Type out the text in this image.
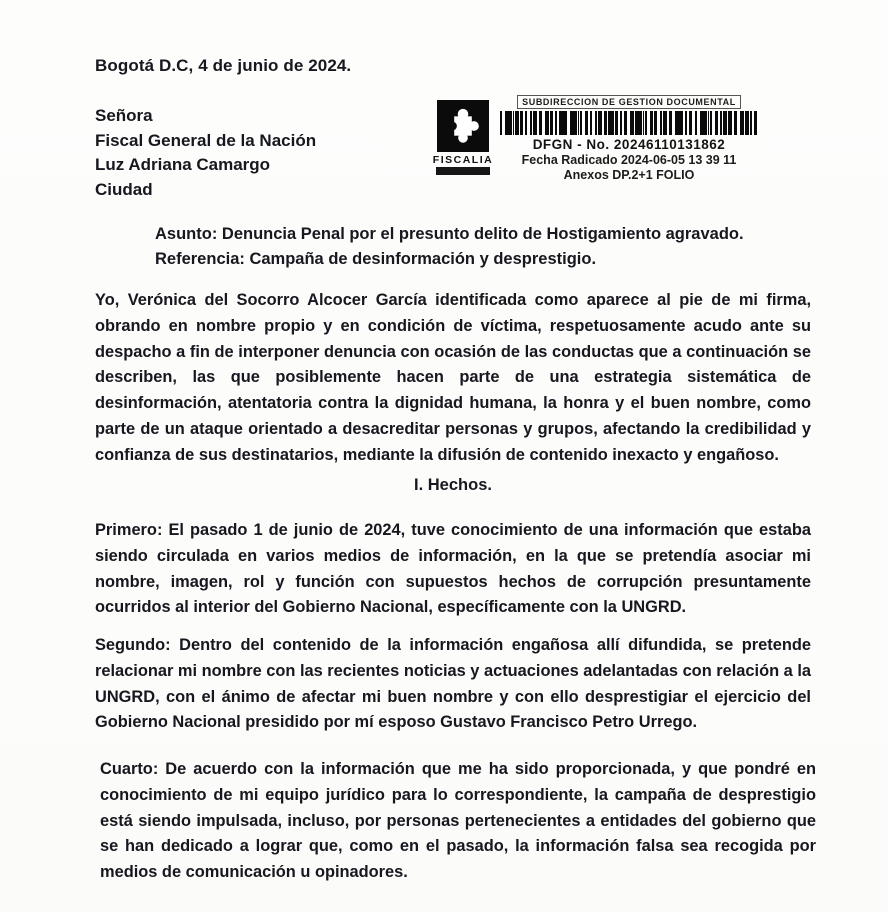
Bogotá D.C, 4 de junio de 2024.
Señora
Fiscal General de la Nación
Luz Adriana Camargo
Ciudad
FISCALIA
SUBDIRECCION DE GESTION DOCUMENTAL
DFGN - No. 20246110131862
Fecha Radicado 2024-06-05 13 39 11
Anexos DP.2+1 FOLIO
Asunto: Denuncia Penal por el presunto delito de Hostigamiento agravado.
Referencia: Campaña de desinformación y desprestigio.

Yo, Verónica del Socorro Alcocer García identificada como aparece al pie de mi firma, obrando en nombre propio y en condición de víctima, respetuosamente acudo ante su despacho a fin de interponer denuncia con ocasión de las conductas que a continuación se describen, las que posiblemente hacen parte de una estrategia sistemática de desinformación, atentatoria contra la dignidad humana, la honra y el buen nombre, como parte de un ataque orientado a desacreditar personas y grupos, afectando la credibilidad y confianza de sus destinatarios, mediante la difusión de contenido inexacto y engañoso.

I. Hechos.

Primero: El pasado 1 de junio de 2024, tuve conocimiento de una información que estaba siendo circulada en varios medios de información, en la que se pretendía asociar mi nombre, imagen, rol y función con supuestos hechos de corrupción presuntamente ocurridos al interior del Gobierno Nacional, específicamente con la UNGRD.

Segundo: Dentro del contenido de la información engañosa allí difundida, se pretende relacionar mi nombre con las recientes noticias y actuaciones adelantadas con relación a la UNGRD, con el ánimo de afectar mi buen nombre y con ello desprestigiar el ejercicio del Gobierno Nacional presidido por mí esposo Gustavo Francisco Petro Urrego.

Cuarto: De acuerdo con la información que me ha sido proporcionada, y que pondré en conocimiento de mi equipo jurídico para lo correspondiente, la campaña de desprestigio está siendo impulsada, incluso, por personas pertenecientes a entidades del gobierno que se han dedicado a lograr que, como en el pasado, la información falsa sea recogida por medios de comunicación u opinadores.
